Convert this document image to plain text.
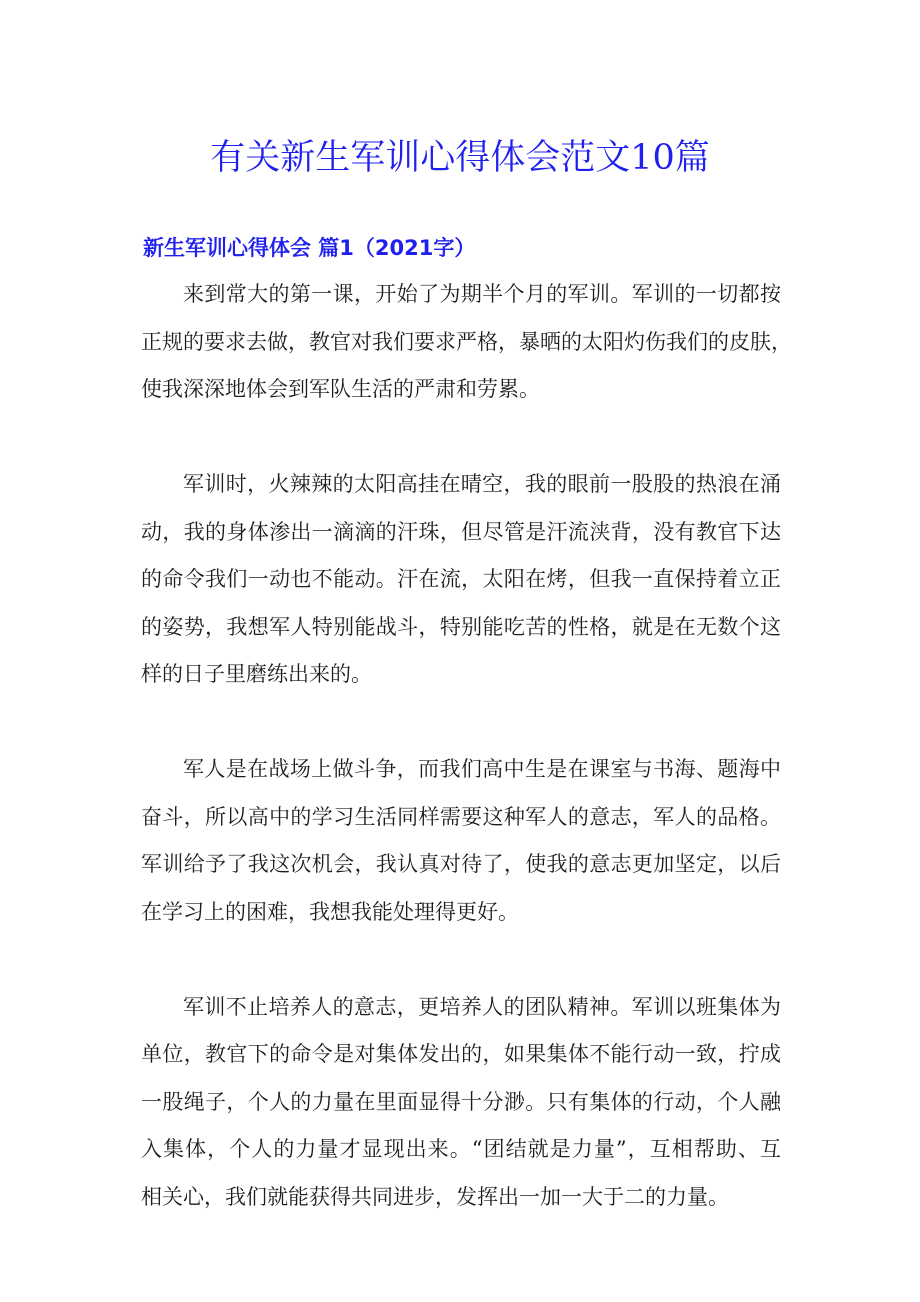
有关新生军训心得体会范文10篇
新生军训心得体会 篇1（2021字）

来到常大的第一课，开始了为期半个月的军训。军训的一切都按
正规的要求去做，教官对我们要求严格，暴晒的太阳灼伤我们的皮肤，
使我深深地体会到军队生活的严肃和劳累。

军训时，火辣辣的太阳高挂在晴空，我的眼前一股股的热浪在涌
动，我的身体渗出一滴滴的汗珠，但尽管是汗流浃背，没有教官下达
的命令我们一动也不能动。汗在流，太阳在烤，但我一直保持着立正
的姿势，我想军人特别能战斗，特别能吃苦的性格，就是在无数个这
样的日子里磨练出来的。

军人是在战场上做斗争，而我们高中生是在课室与书海、题海中
奋斗，所以高中的学习生活同样需要这种军人的意志，军人的品格。
军训给予了我这次机会，我认真对待了，使我的意志更加坚定，以后
在学习上的困难，我想我能处理得更好。

军训不止培养人的意志，更培养人的团队精神。军训以班集体为
单位，教官下的命令是对集体发出的，如果集体不能行动一致，拧成
一股绳子，个人的力量在里面显得十分渺。只有集体的行动，个人融
入集体，个人的力量才显现出来。“团结就是力量”，互相帮助、互
相关心，我们就能获得共同进步，发挥出一加一大于二的力量。
